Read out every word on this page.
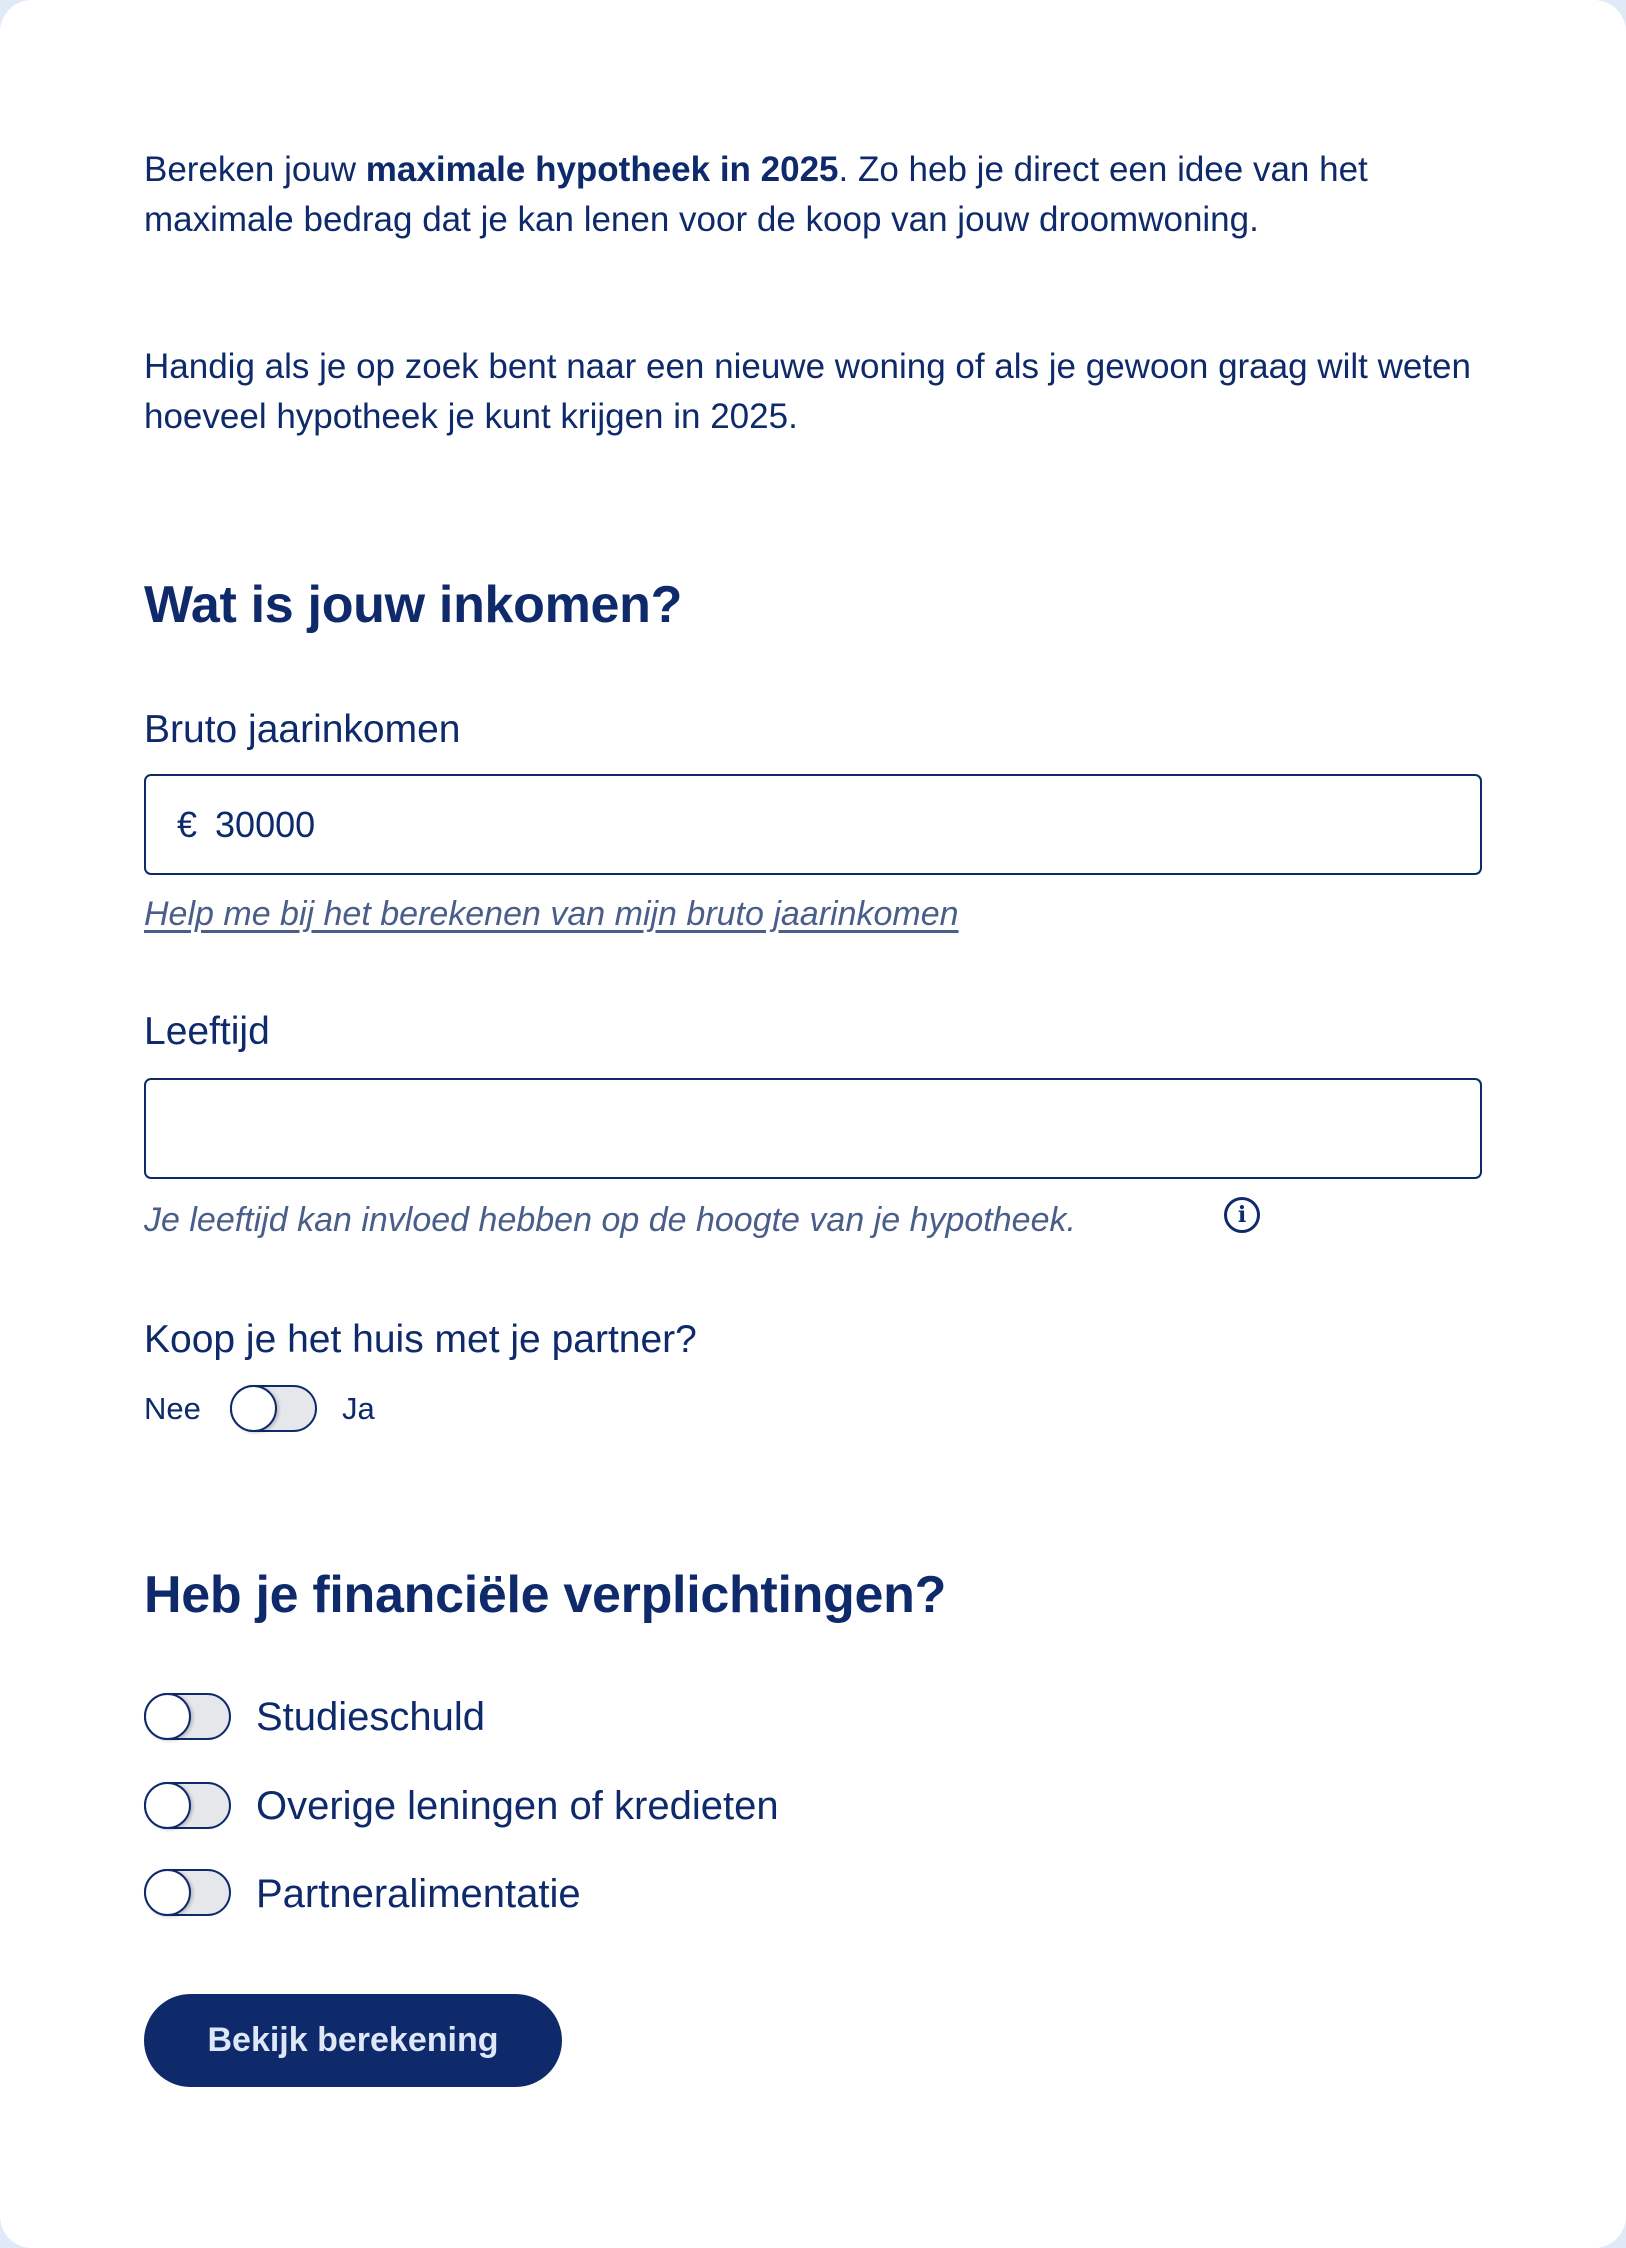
Bereken jouw maximale hypotheek in 2025. Zo heb je direct een idee van het maximale bedrag dat je kan lenen voor de koop van jouw droomwoning.

Handig als je op zoek bent naar een nieuwe woning of als je gewoon graag wilt weten hoeveel hypotheek je kunt krijgen in 2025.

Wat is jouw inkomen?
Bruto jaarinkomen
€
30000
Help me bij het berekenen van mijn bruto jaarinkomen
Leeftijd
Je leeftijd kan invloed hebben op de hoogte van je hypotheek.	i
Koop je het huis met je partner?
Nee	Ja
Heb je financiële verplichtingen?
Studieschuld
Overige leningen of kredieten
Partneralimentatie
Bekijk berekening
